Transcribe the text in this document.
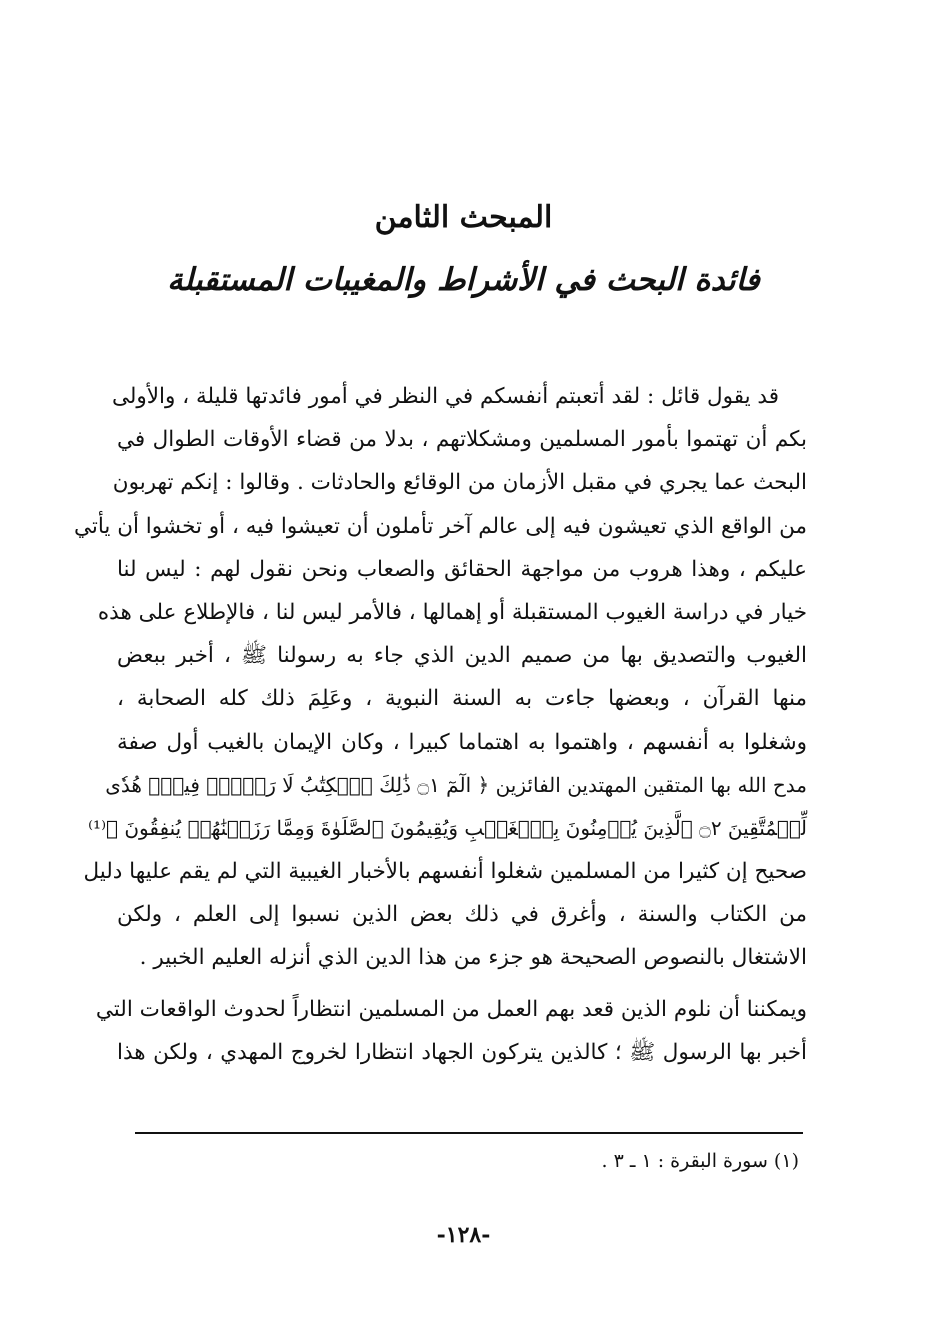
المبحث الثامن
فائدة البحث في الأشراط والمغيبات المستقبلة
قد يقول قائل : لقد أتعبتم أنفسكم في النظر في أمور فائدتها قليلة ، والأولى
بكم أن تهتموا بأمور المسلمين ومشكلاتهم ، بدلا من قضاء الأوقات الطوال في
البحث عما يجري في مقبل الأزمان من الوقائع والحادثات . وقالوا : إنكم تهربون
من الواقع الذي تعيشون فيه إلى عالم آخر تأملون أن تعيشوا فيه ، أو تخشوا أن يأتي
عليكم ، وهذا هروب من مواجهة الحقائق والصعاب ونحن نقول لهم : ليس لنا
خيار في دراسة الغيوب المستقبلة أو إهمالها ، فالأمر ليس لنا ، فالإطلاع على هذه
الغيوب والتصديق بها من صميم الدين الذي جاء به رسولنا ﷺ ، أخبر ببعض
منها القرآن ، وبعضها جاءت به السنة النبوية ، وعَلِمَ ذلك كله الصحابة ،
وشغلوا به أنفسهم ، واهتموا به اهتماما كبيرا ، وكان الإيمان بالغيب أول صفة
مدح الله بها المتقين المهتدين الفائزين ﴿ الٓمٓ ۝١ ذَٰلِكَ ٱلۡكِتَٰبُ لَا رَيۡبَۛ فِيهِۛ هُدٗى
لِّلۡمُتَّقِينَ ۝٢ ٱلَّذِينَ يُؤۡمِنُونَ بِٱلۡغَيۡبِ وَيُقِيمُونَ ٱلصَّلَوٰةَ وَمِمَّا رَزَقۡنَٰهُمۡ يُنفِقُونَ ﴾⁽¹⁾
صحيح إن كثيرا من المسلمين شغلوا أنفسهم بالأخبار الغيبية التي لم يقم عليها دليل
من الكتاب والسنة ، وأغرق في ذلك بعض الذين نسبوا إلى العلم ، ولكن
الاشتغال بالنصوص الصحيحة هو جزء من هذا الدين الذي أنزله العليم الخبير .
ويمكننا أن نلوم الذين قعد بهم العمل من المسلمين انتظاراً لحدوث الواقعات التي
أخبر بها الرسول ﷺ ؛ كالذين يتركون الجهاد انتظارا لخروج المهدي ، ولكن هذا
(١) سورة البقرة : ١ ـ ٣ .
-١٢٨-
